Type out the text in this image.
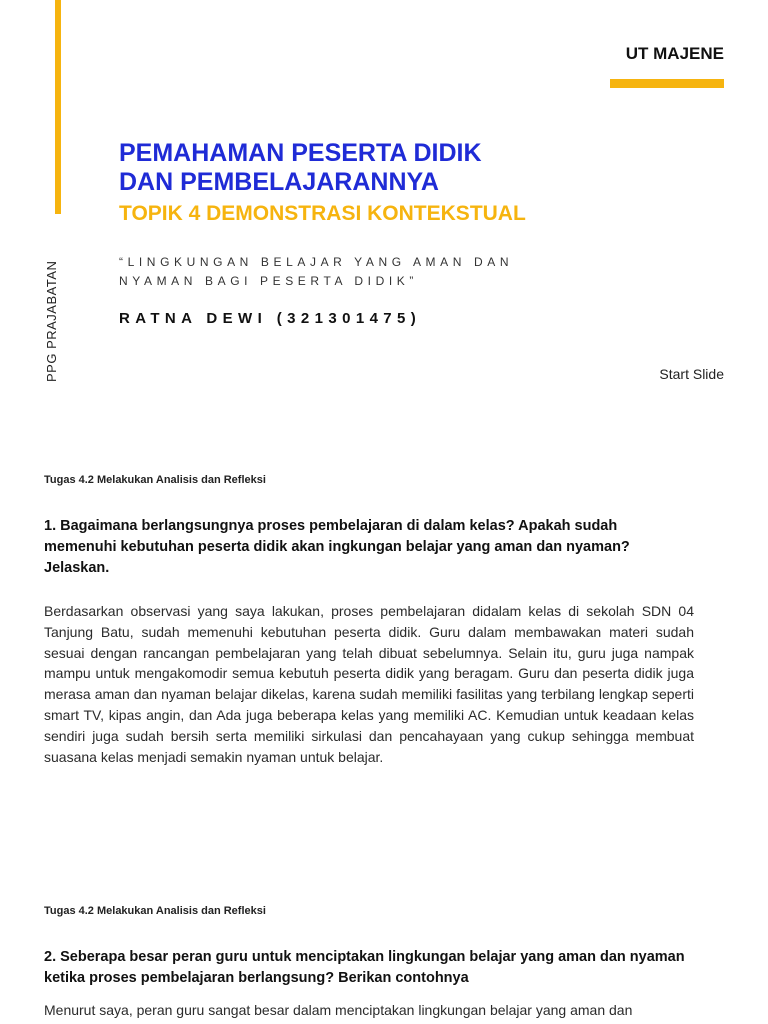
PPG PRAJABATAN
UT MAJENE
PEMAHAMAN PESERTA DIDIK
DAN PEMBELAJARANNYA
TOPIK 4 DEMONSTRASI KONTEKSTUAL
“LINGKUNGAN BELAJAR YANG AMAN DAN NYAMAN BAGI PESERTA DIDIK”
RATNA DEWI (321301475)
Start Slide
Tugas 4.2 Melakukan Analisis dan Refleksi
1. Bagaimana berlangsungnya proses pembelajaran di dalam kelas? Apakah sudah memenuhi kebutuhan peserta didik akan ingkungan belajar yang aman dan nyaman? Jelaskan.
Berdasarkan observasi yang saya lakukan, proses pembelajaran didalam kelas di sekolah SDN 04 Tanjung Batu, sudah memenuhi kebutuhan peserta didik. Guru dalam membawakan materi sudah sesuai dengan rancangan pembelajaran yang telah dibuat sebelumnya. Selain itu, guru juga nampak mampu untuk mengakomodir semua kebutuh peserta didik yang beragam. Guru dan peserta didik juga merasa aman dan nyaman belajar dikelas, karena sudah memiliki fasilitas yang terbilang lengkap seperti smart TV, kipas angin, dan Ada juga beberapa kelas yang memiliki AC. Kemudian untuk keadaan kelas sendiri juga sudah bersih serta memiliki sirkulasi dan pencahayaan yang cukup sehingga membuat suasana kelas menjadi semakin nyaman untuk belajar.
Tugas 4.2 Melakukan Analisis dan Refleksi
2. Seberapa besar peran guru untuk menciptakan lingkungan belajar yang aman dan nyaman ketika proses pembelajaran berlangsung? Berikan contohnya
Menurut saya, peran guru sangat besar dalam menciptakan lingkungan belajar yang aman dan
